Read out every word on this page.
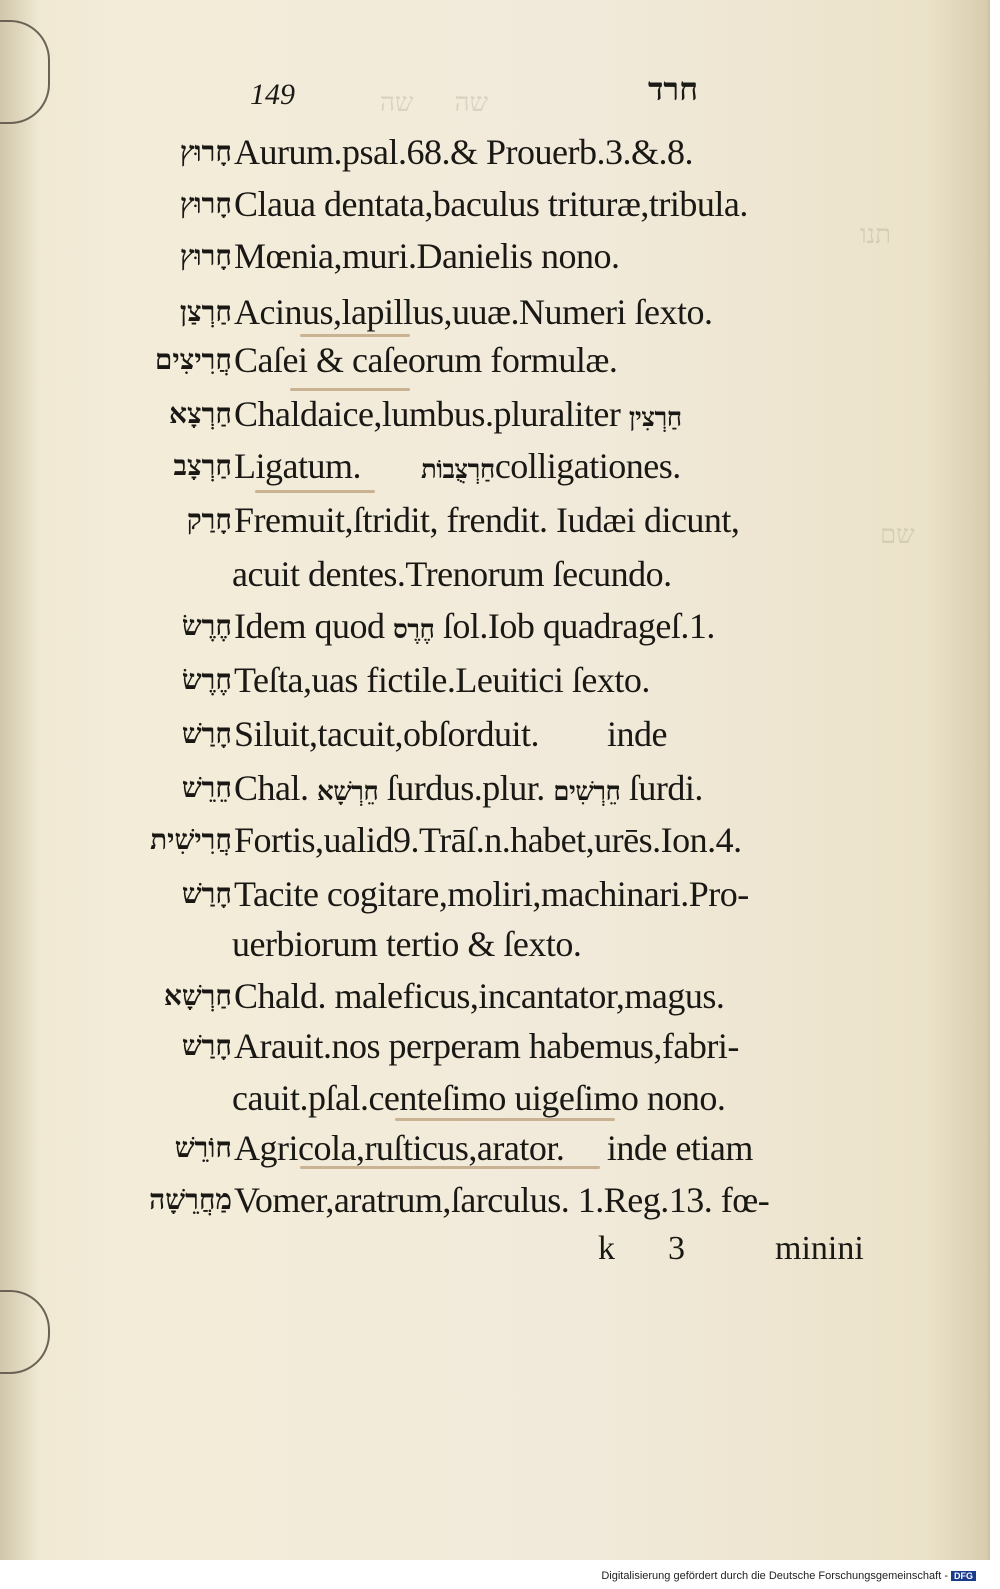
שה     שה
תנו
שם
149	חרד
חָרוּץ Aurum.psal.68.& Prouerb.3.&.8.
חָרוּץ Claua dentata,baculus trituræ,tribula.
חָרוּץ Mœnia,muri.Danielis nono.
חַרְצַן Acinus,lapillus,uuæ.Numeri ſexto.
חֲרִיצִים Caſei & caſeorum formulæ.
חַרְצָא Chaldaice,lumbus.pluraliter חַרְצִין
חַרְצָב Ligatum. חַרְצֻבוֹתcolligationes.
חָרַק Fremuit,ſtridit, frendit. Iudæi dicunt,
acuit dentes.Trenorum ſecundo.
חֶרֶשׂ Idem quod חֶרֶס ſol.Iob quadrageſ.1.
חֶרֶשׂ Teſta,uas fictile.Leuitici ſexto.
חָרַשׁ Siluit,tacuit,obſorduit.        inde
חֵרֵשׁ Chal. חֵרְשָׁא ſurdus.plur. חֵרְשִׁים ſurdi.
חֲרִישִׁית Fortis,ualid9.Trāſ.n.habet,urēs.Ion.4.
חָרַשׁ Tacite cogitare,moliri,machinari.Pro-
uerbiorum tertio & ſexto.
חַרְשָׁא Chald. maleficus,incantator,magus.
חָרַשׁ Arauit.nos perperam habemus,fabri-
cauit.pſal.centeſimo uigeſimo nono.
חוֹרֵשׁ Agricola,ruſticus,arator.     inde etiam
מַחֲרֵשָׁה Vomer,aratrum,ſarculus. 1.Reg.13. fœ-
k 3	minini
Digitalisierung gefördert durch die Deutsche Forschungsgemeinschaft - DFG
